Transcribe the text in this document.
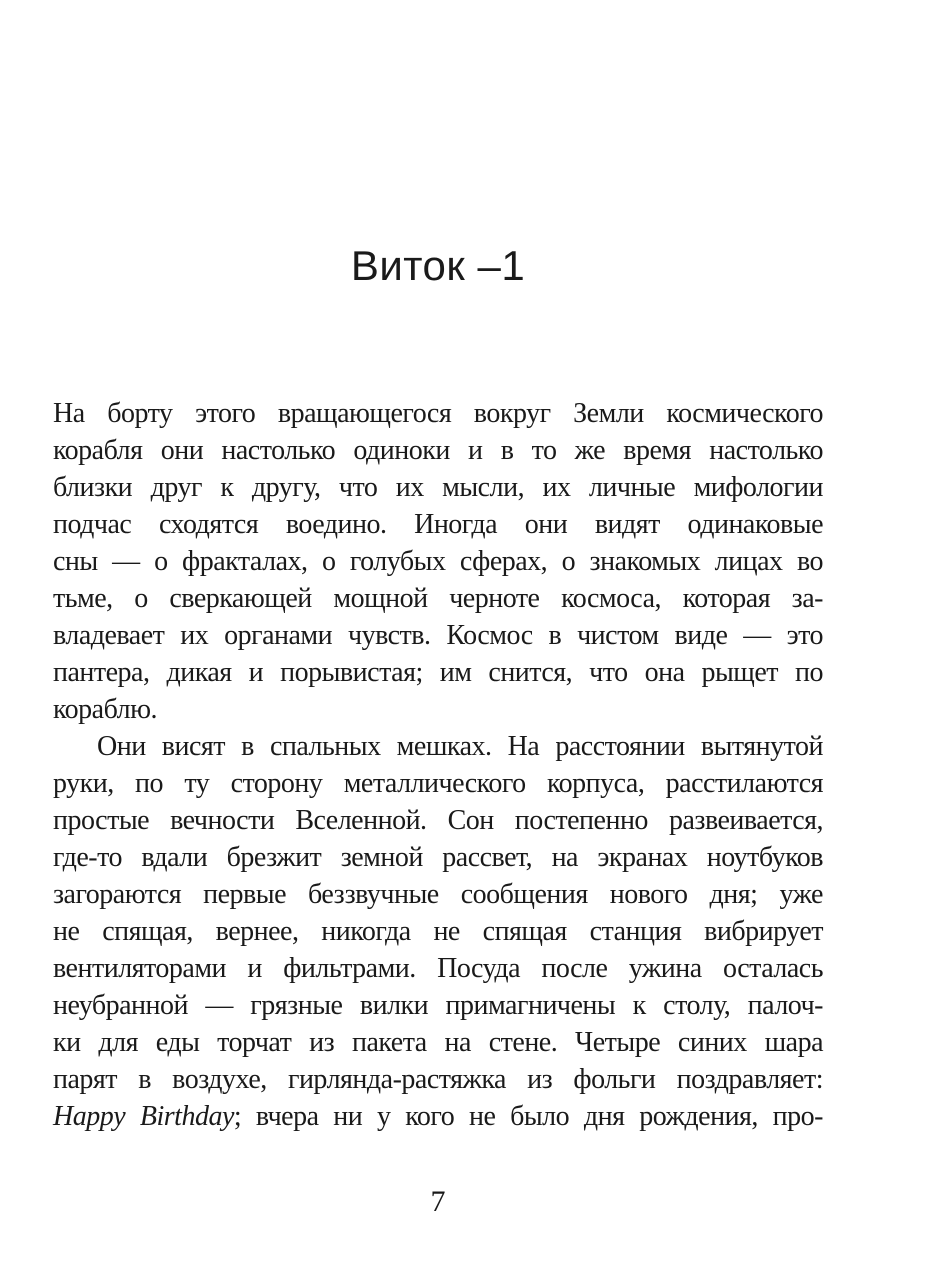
Виток –1
На борту этого вращающегося вокруг Земли космического
корабля они настолько одиноки и в то же время настолько
близки друг к другу, что их мысли, их личные мифологии
подчас сходятся воедино. Иногда они видят одинаковые
сны — о фракталах, о голубых сферах, о знакомых лицах во
тьме, о сверкающей мощной черноте космоса, которая за-
владевает их органами чувств. Космос в чистом виде — это
пантера, дикая и порывистая; им снится, что она рыщет по
кораблю.
Они висят в спальных мешках. На расстоянии вытянутой
руки, по ту сторону металлического корпуса, расстилаются
простые вечности Вселенной. Сон постепенно развеивается,
где-то вдали брезжит земной рассвет, на экранах ноутбуков
загораются первые беззвучные сообщения нового дня; уже
не спящая, вернее, никогда не спящая станция вибрирует
вентиляторами и фильтрами. Посуда после ужина осталась
неубранной — грязные вилки примагничены к столу, палоч-
ки для еды торчат из пакета на стене. Четыре синих шара
парят в воздухе, гирлянда-растяжка из фольги поздравляет:
Happy Birthday; вчера ни у кого не было дня рождения, про-
7
